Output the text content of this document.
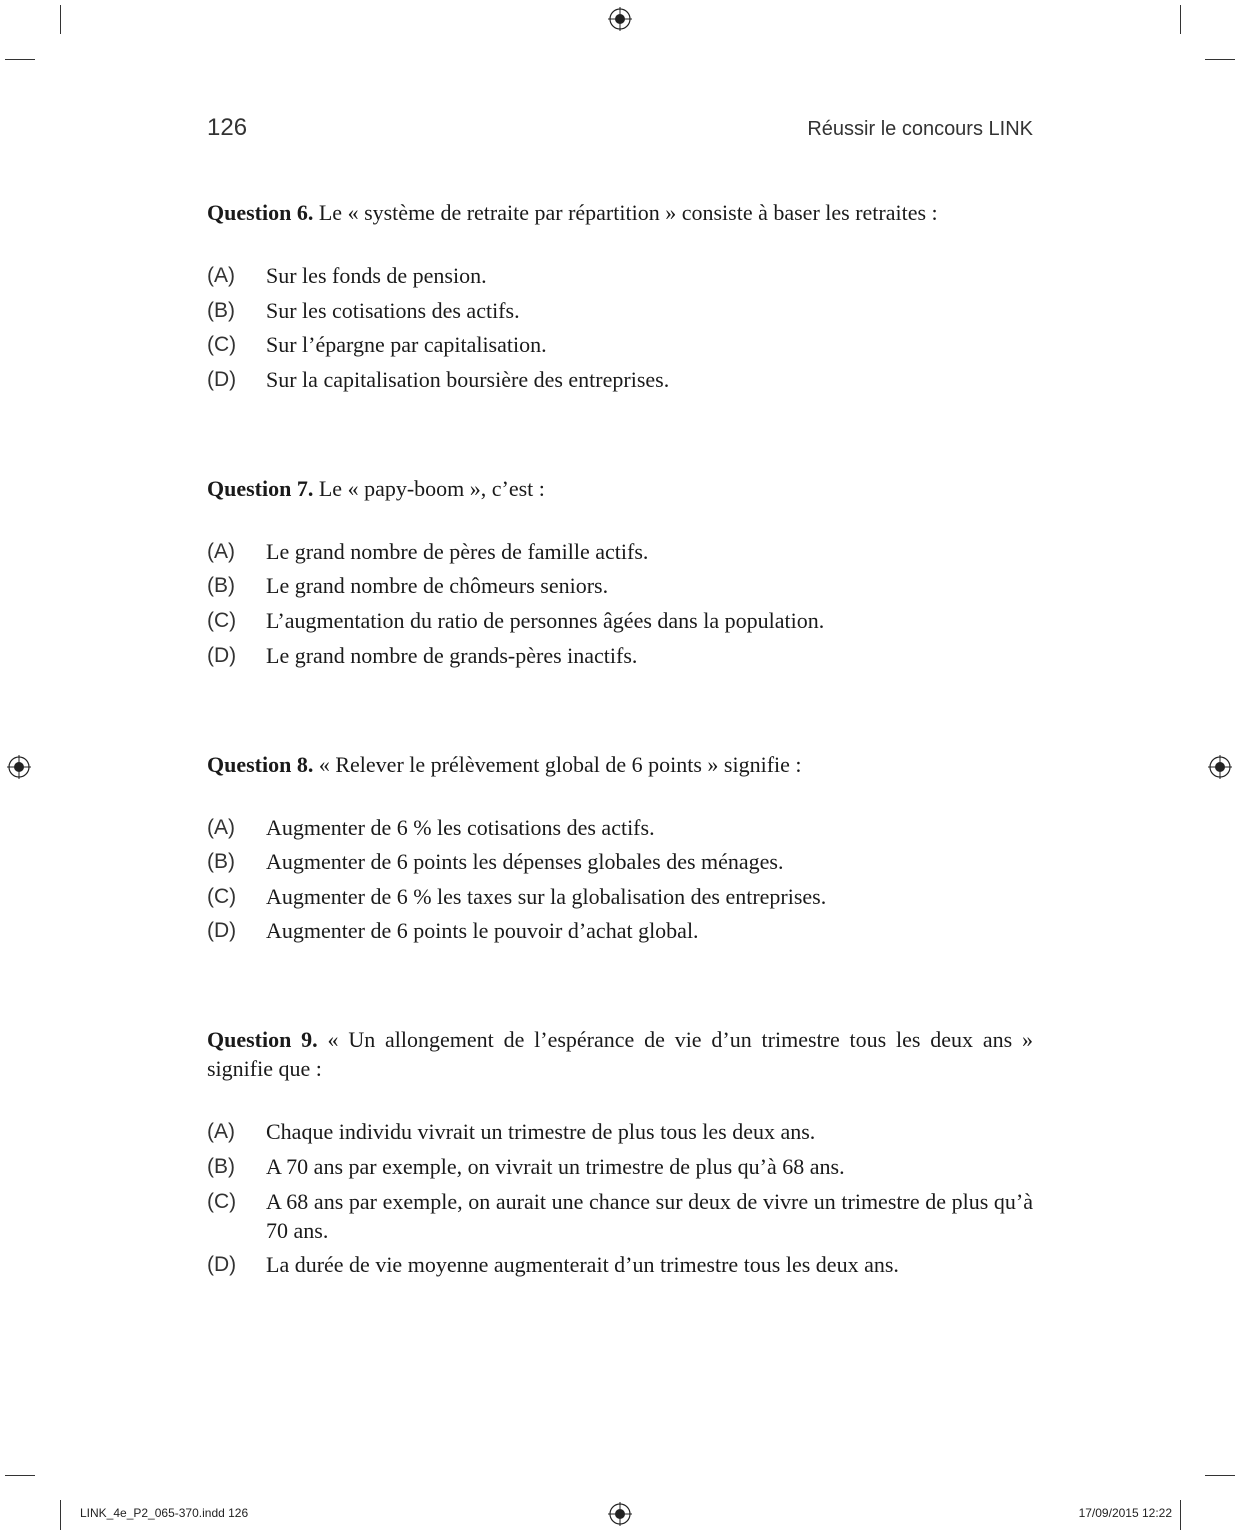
126	Réussir le concours LINK

Question 6. Le « système de retraite par répartition » consiste à baser les retraites :

(A)	Sur les fonds de pension.
(B)	Sur les cotisations des actifs.
(C)	Sur l’épargne par capitalisation.
(D)	Sur la capitalisation boursière des entreprises.

Question 7. Le « papy-boom », c’est :

(A)	Le grand nombre de pères de famille actifs.
(B)	Le grand nombre de chômeurs seniors.
(C)	L’augmentation du ratio de personnes âgées dans la population.
(D)	Le grand nombre de grands-pères inactifs.

Question 8. « Relever le prélèvement global de 6 points » signifie :

(A)	Augmenter de 6 % les cotisations des actifs.
(B)	Augmenter de 6 points les dépenses globales des ménages.
(C)	Augmenter de 6 % les taxes sur la globalisation des entreprises.
(D)	Augmenter de 6 points le pouvoir d’achat global.

Question 9. « Un allongement de l’espérance de vie d’un trimestre tous les deux ans » signifie que :

(A)	Chaque individu vivrait un trimestre de plus tous les deux ans.
(B)	A 70 ans par exemple, on vivrait un trimestre de plus qu’à 68 ans.
(C)	A 68 ans par exemple, on aurait une chance sur deux de vivre un trimestre de plus qu’à 70 ans.
(D)	La durée de vie moyenne augmenterait d’un trimestre tous les deux ans.
LINK_4e_P2_065-370.indd 126	17/09/2015 12:22
